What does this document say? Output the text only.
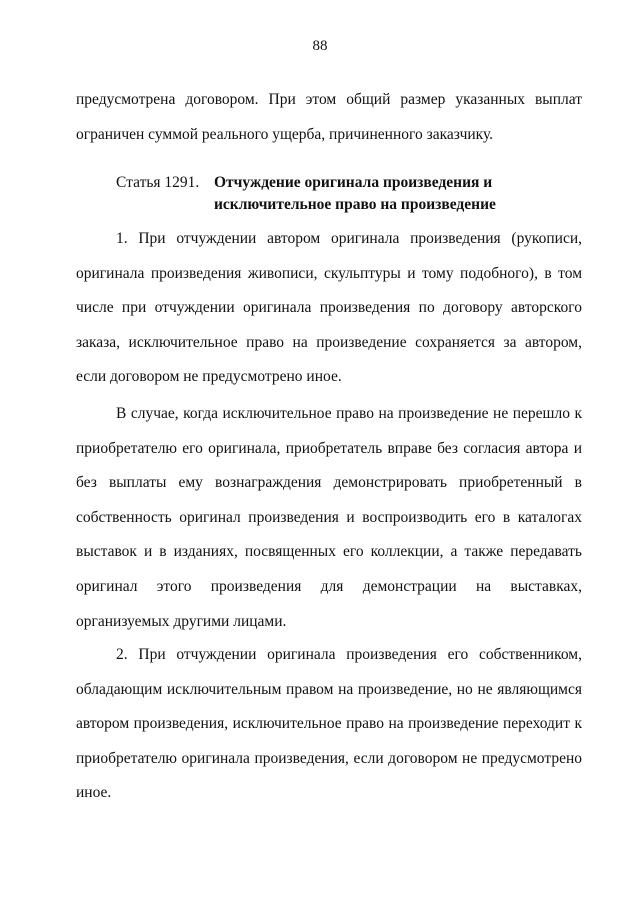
88

предусмотрена договором. При этом общий размер указанных выплат ограничен суммой реального ущерба, причиненного заказчику.

Статья 1291. Отчуждение оригинала произведения и исключительное право на произведение

1. При отчуждении автором оригинала произведения (рукописи, оригинала произведения живописи, скульптуры и тому подобного), в том числе при отчуждении оригинала произведения по договору авторского заказа, исключительное право на произведение сохраняется за автором, если договором не предусмотрено иное.

В случае, когда исключительное право на произведение не перешло к приобретателю его оригинала, приобретатель вправе без согласия автора и без выплаты ему вознаграждения демонстрировать приобретенный в собственность оригинал произведения и воспроизводить его в каталогах выставок и в изданиях, посвященных его коллекции, а также передавать оригинал этого произведения для демонстрации на выставках, организуемых другими лицами.

2. При отчуждении оригинала произведения его собственником, обладающим исключительным правом на произведение, но не являющимся автором произведения, исключительное право на произведение переходит к приобретателю оригинала произведения, если договором не предусмотрено иное.
